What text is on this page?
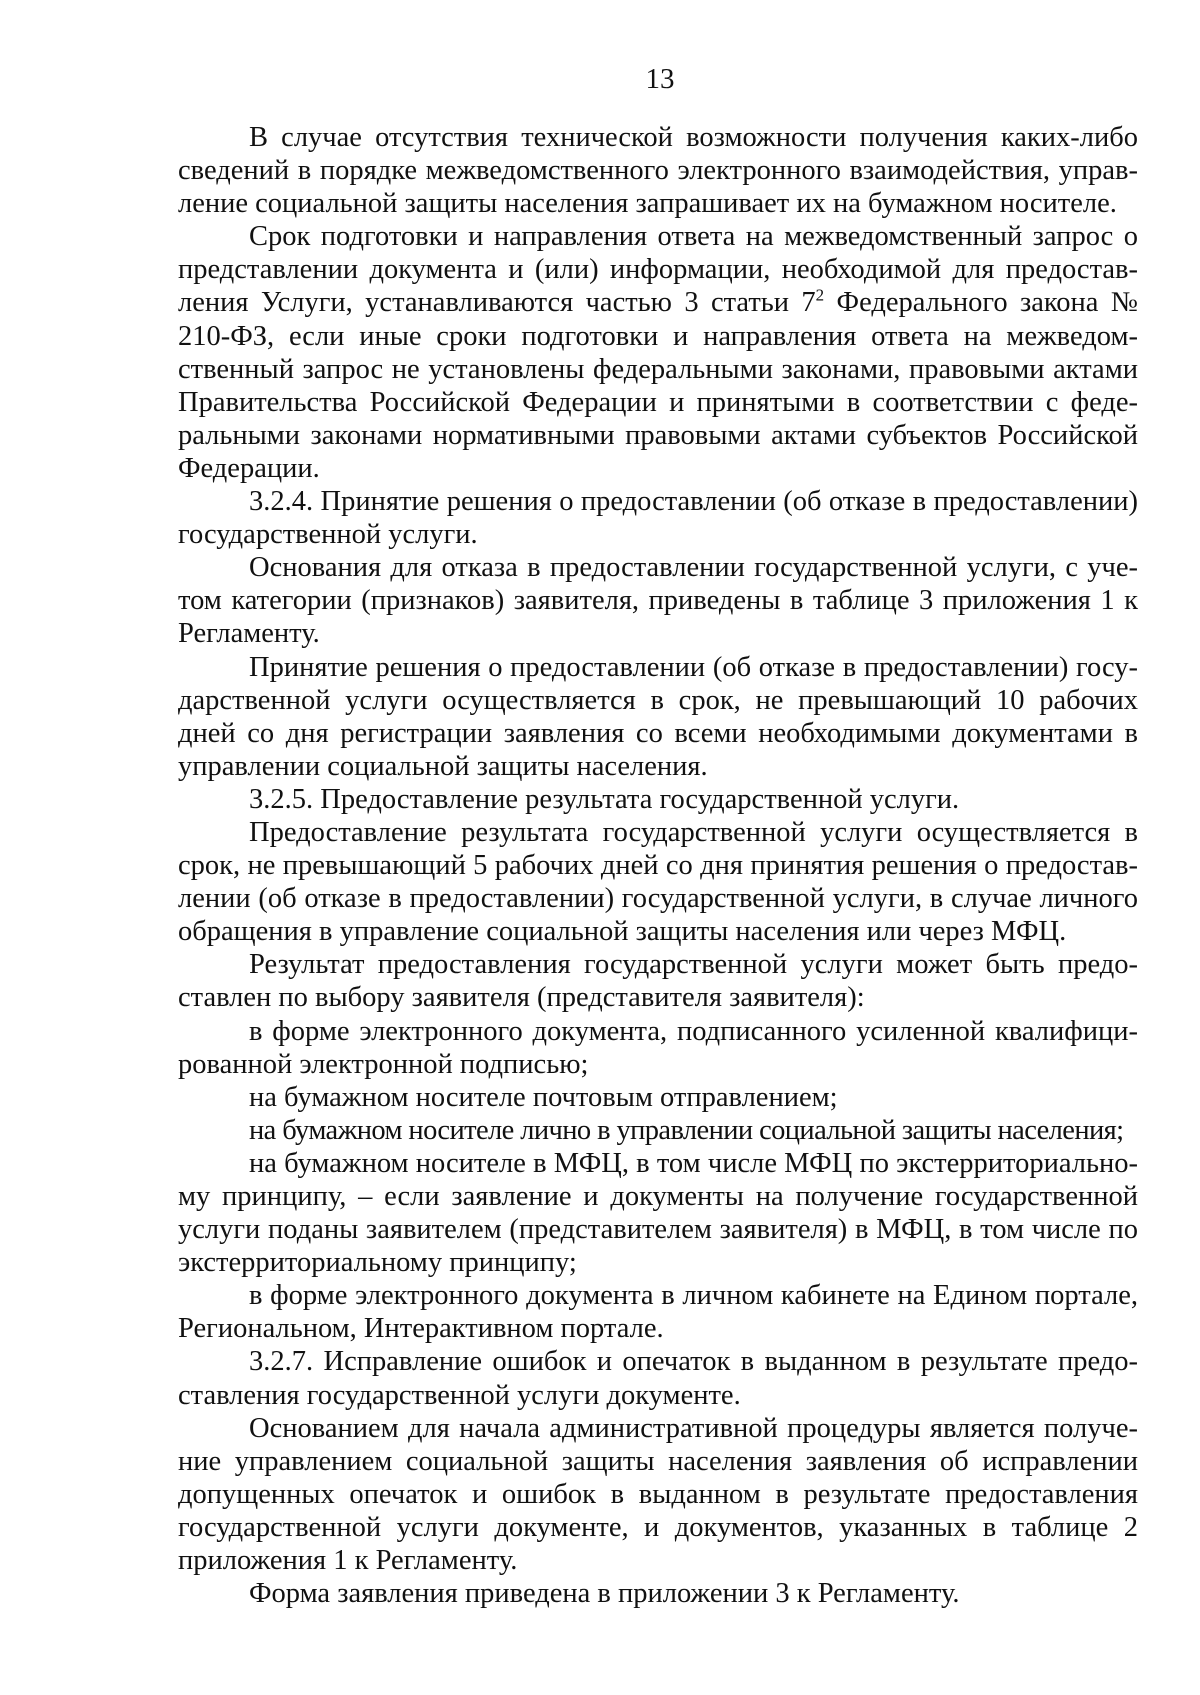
13

В случае отсутствия технической возможности получения каких-либо сведений в порядке межведомственного электронного взаимодействия, управление социальной защиты населения запрашивает их на бумажном носителе.

Срок подготовки и направления ответа на межведомственный запрос о представлении документа и (или) информации, необходимой для предоставления Услуги, устанавливаются частью 3 статьи $7^2$ Федерального закона № 210-ФЗ, если иные сроки подготовки и направления ответа на межведомственный запрос не установлены федеральными законами, правовыми актами Правительства Российской Федерации и принятыми в соответствии с федеральными законами нормативными правовыми актами субъектов Российской Федерации.

3.2.4. Принятие решения о предоставлении (об отказе в предоставлении) государственной услуги.

Основания для отказа в предоставлении государственной услуги, с учетом категории (признаков) заявителя, приведены в таблице 3 приложения 1 к Регламенту.

Принятие решения о предоставлении (об отказе в предоставлении) государственной услуги осуществляется в срок, не превышающий 10 рабочих дней со дня регистрации заявления со всеми необходимыми документами в управлении социальной защиты населения.

3.2.5. Предоставление результата государственной услуги.

Предоставление результата государственной услуги осуществляется в срок, не превышающий 5 рабочих дней со дня принятия решения о предоставлении (об отказе в предоставлении) государственной услуги, в случае личного обращения в управление социальной защиты населения или через МФЦ.

Результат предоставления государственной услуги может быть предоставлен по выбору заявителя (представителя заявителя):

в форме электронного документа, подписанного усиленной квалифицированной электронной подписью;

на бумажном носителе почтовым отправлением;

на бумажном носителе лично в управлении социальной защиты населения;

на бумажном носителе в МФЦ, в том числе МФЦ по экстерриториальному принципу, – если заявление и документы на получение государственной услуги поданы заявителем (представителем заявителя) в МФЦ, в том числе по экстерриториальному принципу;

в форме электронного документа в личном кабинете на Едином портале, Региональном, Интерактивном портале.

3.2.7. Исправление ошибок и опечаток в выданном в результате предоставления государственной услуги документе.

Основанием для начала административной процедуры является получение управлением социальной защиты населения заявления об исправлении допущенных опечаток и ошибок в выданном в результате предоставления государственной услуги документе, и документов, указанных в таблице 2 приложения 1 к Регламенту.

Форма заявления приведена в приложении 3 к Регламенту.
